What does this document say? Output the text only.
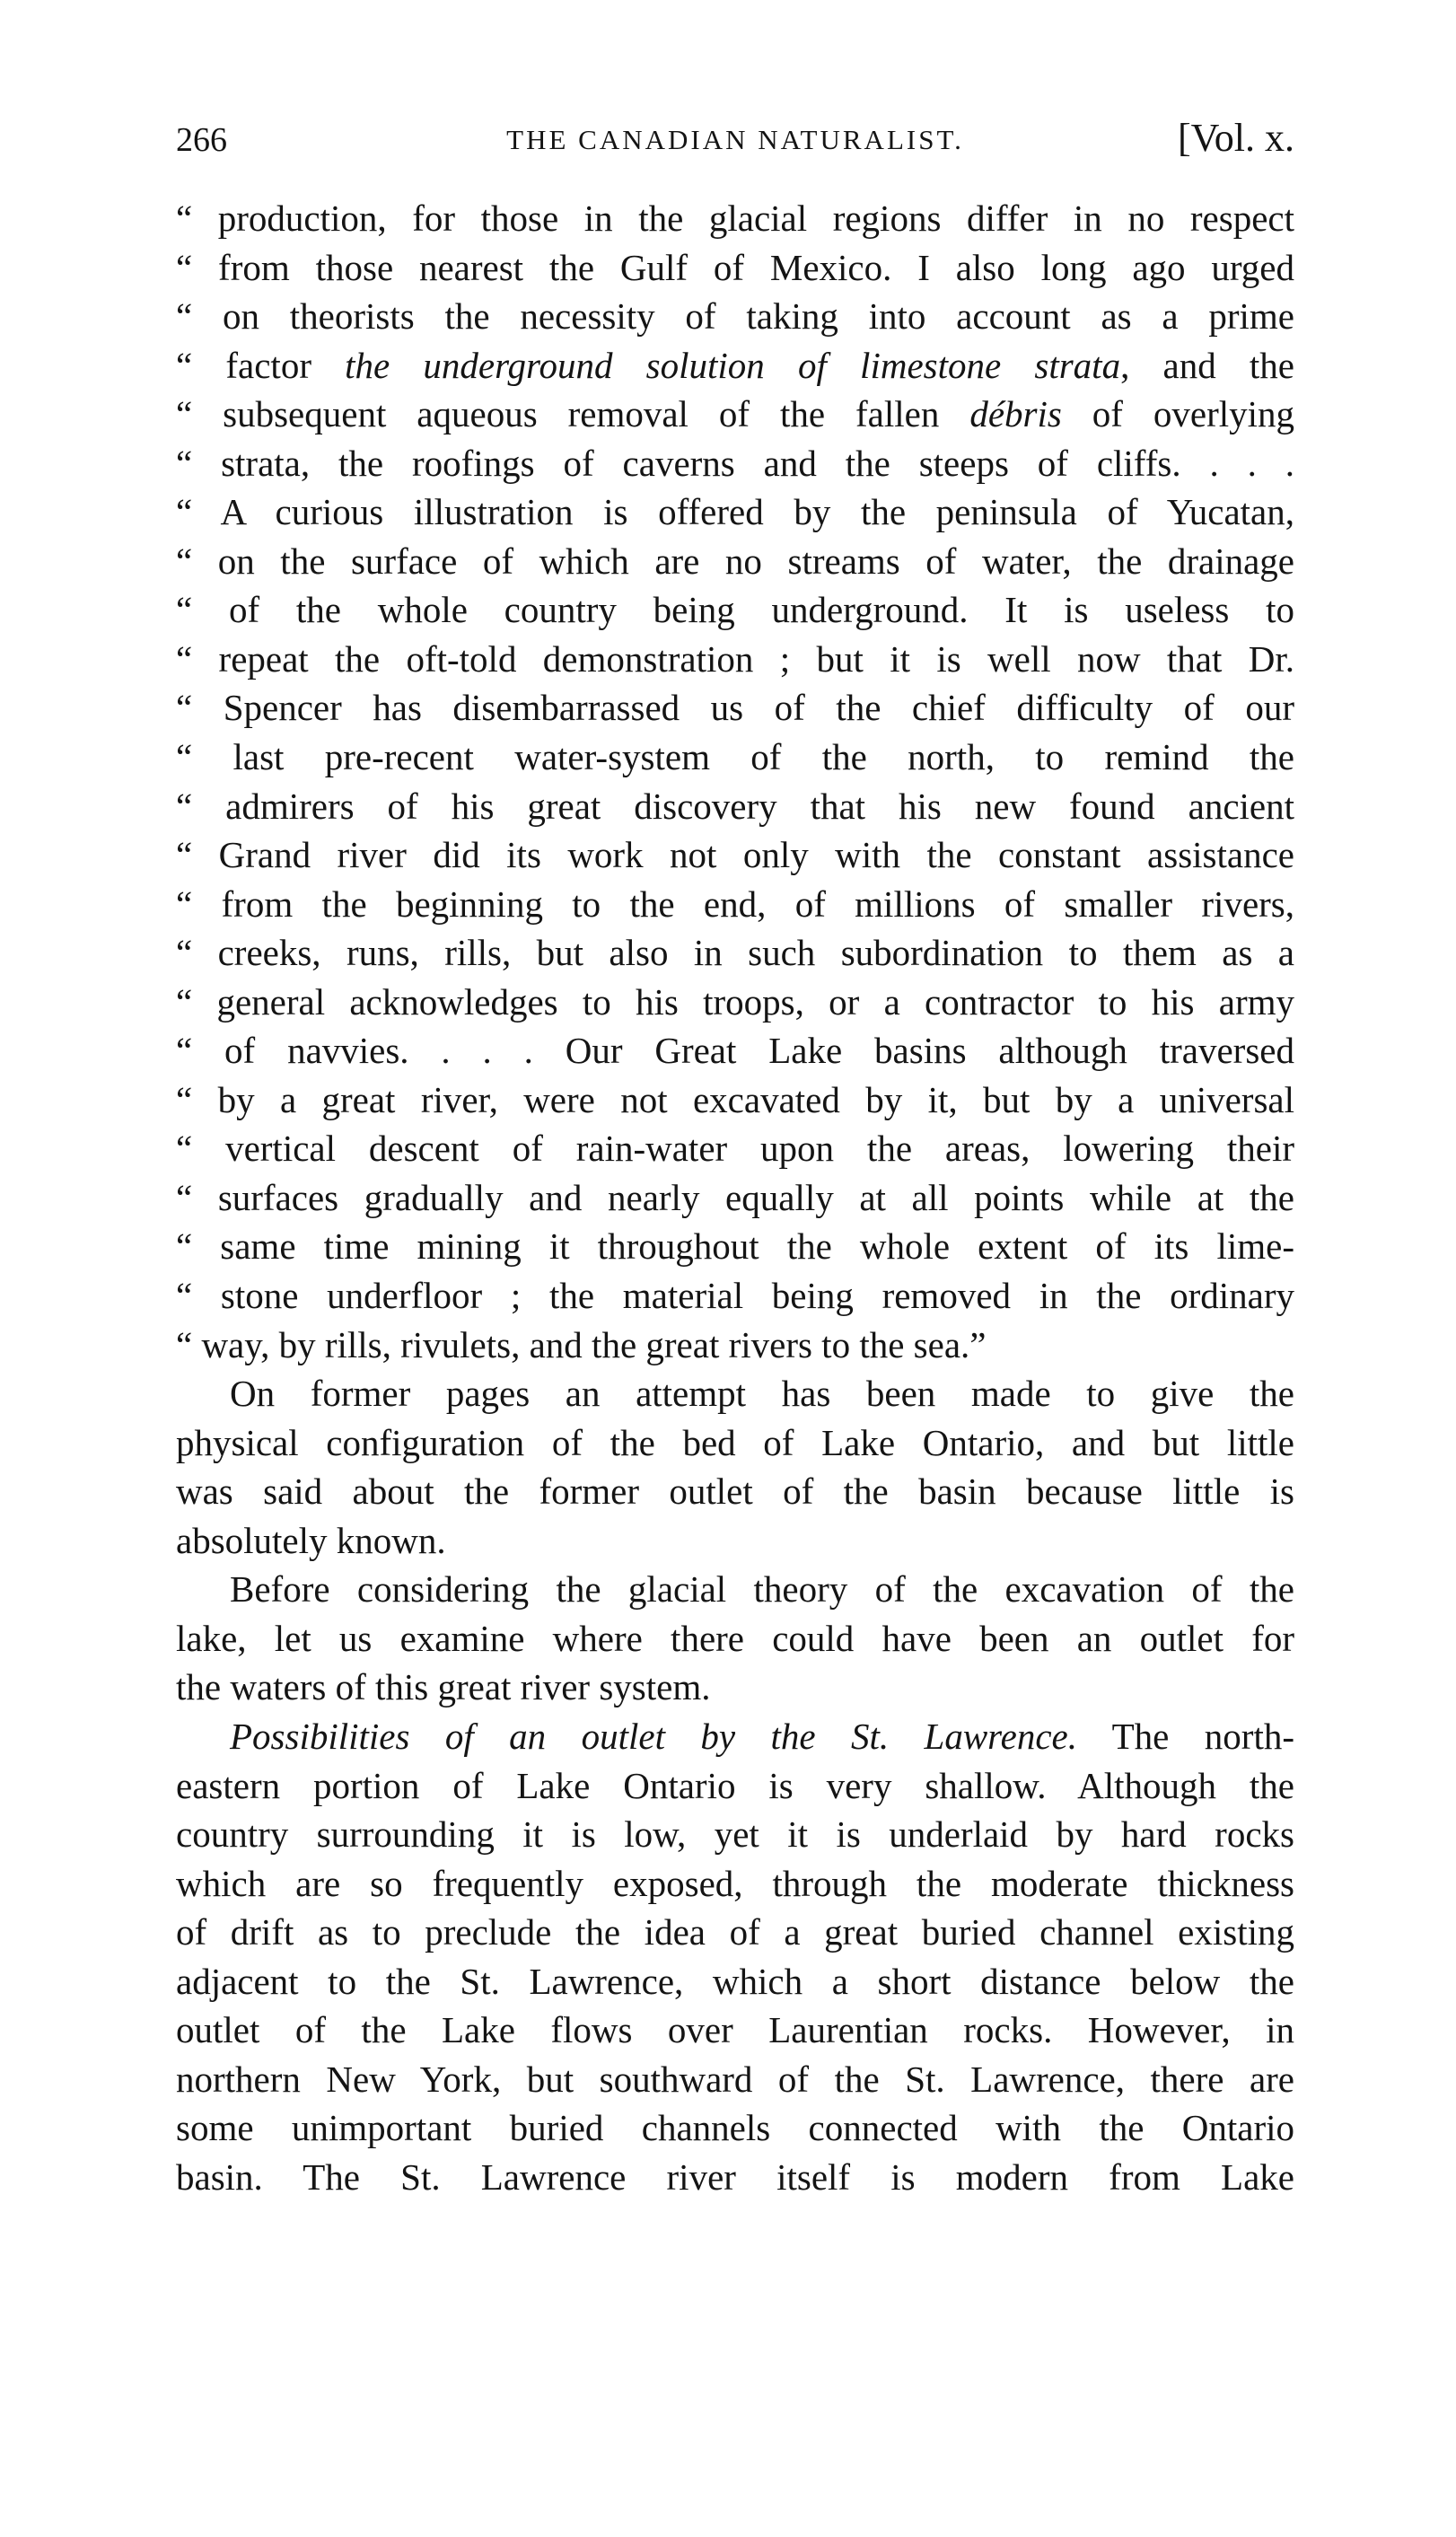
266	THE CANADIAN NATURALIST.	[Vol. x.
“ production, for those in the glacial regions differ in no respect
“ from those nearest the Gulf of Mexico. I also long ago urged
“ on theorists the necessity of taking into account as a prime
“ factor the underground solution of limestone strata, and the
“ subsequent aqueous removal of the fallen débris of overlying
“ strata, the roofings of caverns and the steeps of cliffs. . . .
“ A curious illustration is offered by the peninsula of Yucatan,
“ on the surface of which are no streams of water, the drainage
“ of the whole country being underground. It is useless to
“ repeat the oft-told demonstration ; but it is well now that Dr.
“ Spencer has disembarrassed us of the chief difficulty of our
“ last pre-recent water-system of the north, to remind the
“ admirers of his great discovery that his new found ancient
“ Grand river did its work not only with the constant assistance
“ from the beginning to the end, of millions of smaller rivers,
“ creeks, runs, rills, but also in such subordination to them as a
“ general acknowledges to his troops, or a contractor to his army
“ of navvies. . . . Our Great Lake basins although traversed
“ by a great river, were not excavated by it, but by a universal
“ vertical descent of rain-water upon the areas, lowering their
“ surfaces gradually and nearly equally at all points while at the
“ same time mining it throughout the whole extent of its lime-
“ stone underfloor ; the material being removed in the ordinary
“ way, by rills, rivulets, and the great rivers to the sea.”
On former pages an attempt has been made to give the
physical configuration of the bed of Lake Ontario, and but little
was said about the former outlet of the basin because little is
absolutely known.
Before considering the glacial theory of the excavation of the
lake, let us examine where there could have been an outlet for
the waters of this great river system.
Possibilities of an outlet by the St. Lawrence. The north-
eastern portion of Lake Ontario is very shallow. Although the
country surrounding it is low, yet it is underlaid by hard rocks
which are so frequently exposed, through the moderate thickness
of drift as to preclude the idea of a great buried channel existing
adjacent to the St. Lawrence, which a short distance below the
outlet of the Lake flows over Laurentian rocks. However, in
northern New York, but southward of the St. Lawrence, there are
some unimportant buried channels connected with the Ontario
basin. The St. Lawrence river itself is modern from Lake
